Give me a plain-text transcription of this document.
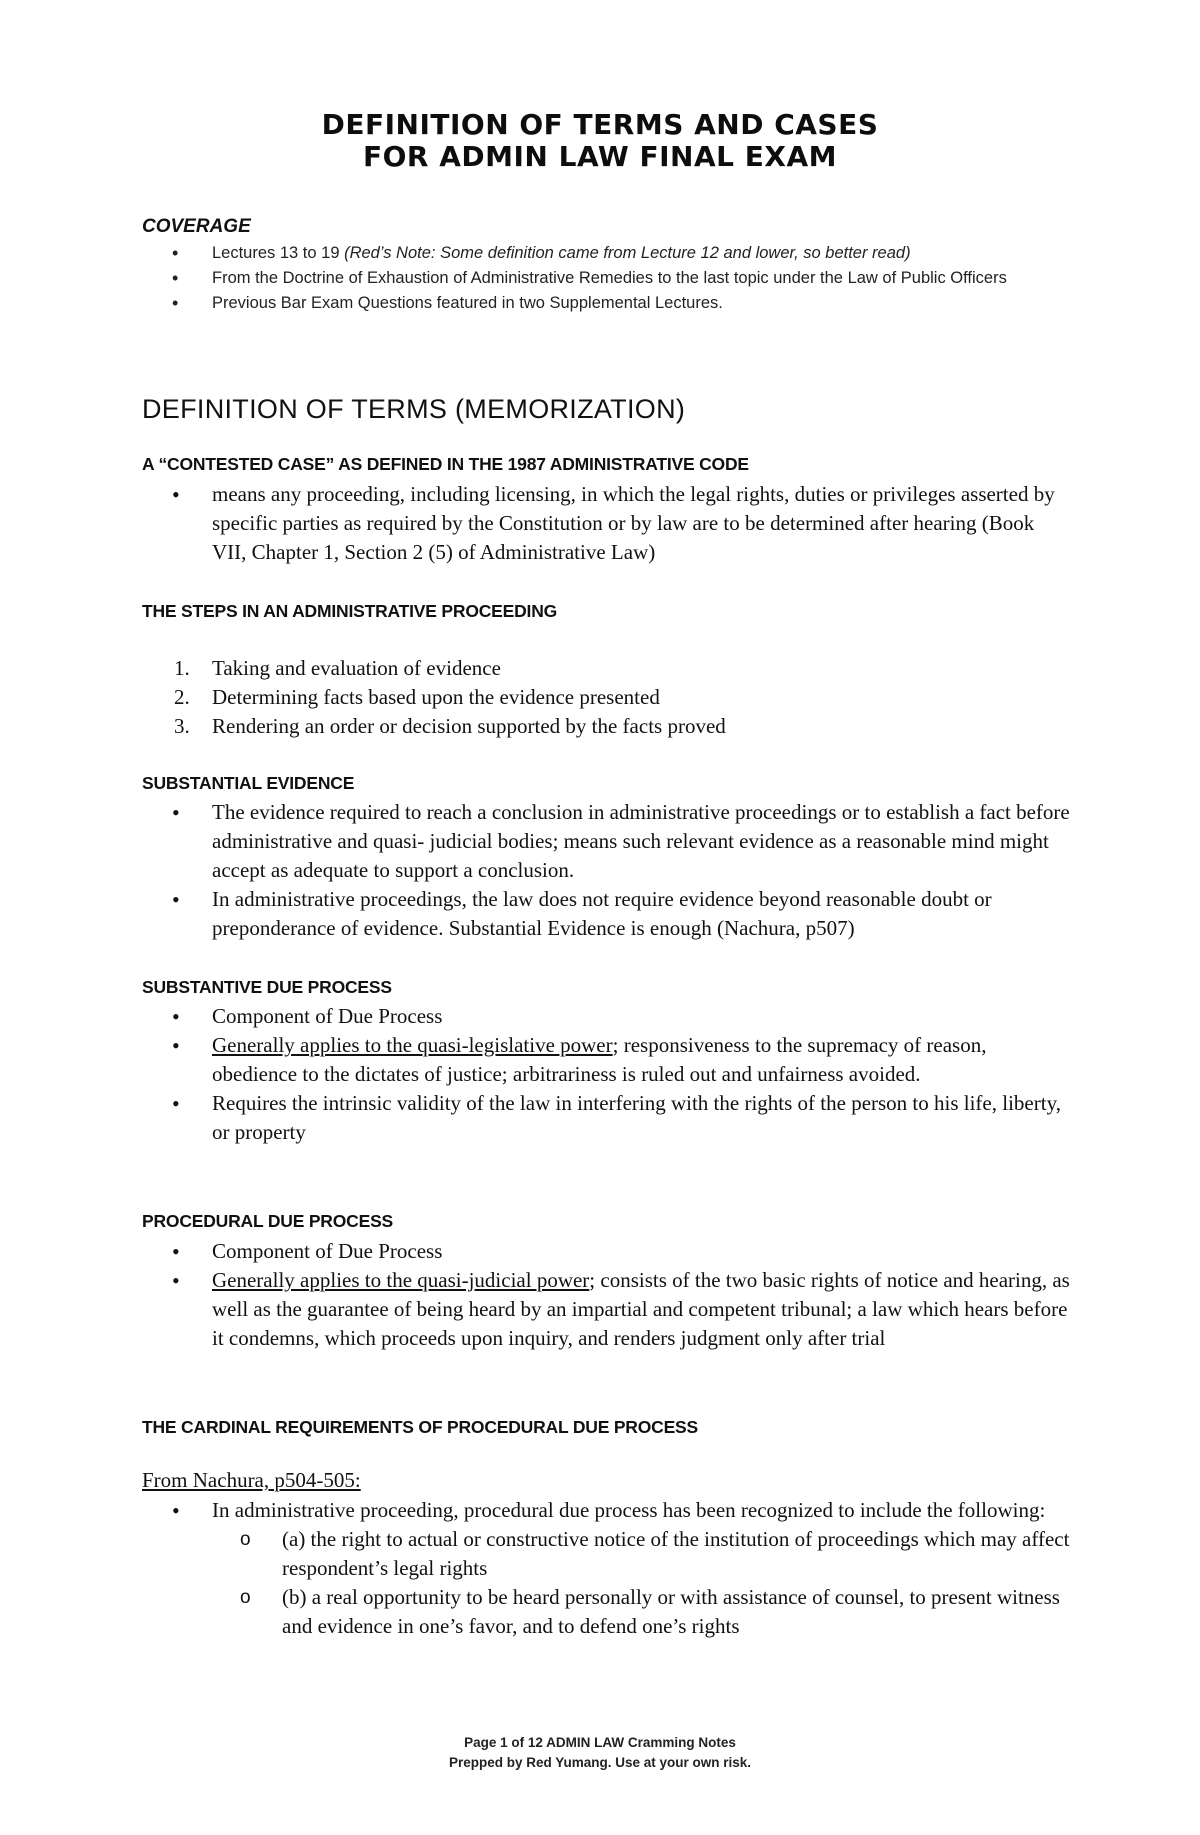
DEFINITION OF TERMS AND CASES
FOR ADMIN LAW FINAL EXAM

COVERAGE

• Lectures 13 to 19 (Red’s Note: Some definition came from Lecture 12 and lower, so better read)
• From the Doctrine of Exhaustion of Administrative Remedies to the last topic under the Law of Public Officers
• Previous Bar Exam Questions featured in two Supplemental Lectures.
DEFINITION OF TERMS (MEMORIZATION)

A “CONTESTED CASE” AS DEFINED IN THE 1987 ADMINISTRATIVE CODE

• means any proceeding, including licensing, in which the legal rights, duties or privileges asserted by specific parties as required by the Constitution or by law are to be determined after hearing (Book VII, Chapter 1, Section 2 (5) of Administrative Law)

THE STEPS IN AN ADMINISTRATIVE PROCEEDING

1. Taking and evaluation of evidence
2. Determining facts based upon the evidence presented
3. Rendering an order or decision supported by the facts proved

SUBSTANTIAL EVIDENCE

• The evidence required to reach a conclusion in administrative proceedings or to establish a fact before administrative and quasi- judicial bodies; means such relevant evidence as a reasonable mind might accept as adequate to support a conclusion.
• In administrative proceedings, the law does not require evidence beyond reasonable doubt or preponderance of evidence. Substantial Evidence is enough (Nachura, p507)

SUBSTANTIVE DUE PROCESS

• Component of Due Process
• Generally applies to the quasi-legislative power; responsiveness to the supremacy of reason, obedience to the dictates of justice; arbitrariness is ruled out and unfairness avoided.
• Requires the intrinsic validity of the law in interfering with the rights of the person to his life, liberty, or property

PROCEDURAL DUE PROCESS

• Component of Due Process
• Generally applies to the quasi-judicial power; consists of the two basic rights of notice and hearing, as well as the guarantee of being heard by an impartial and competent tribunal; a law which hears before it condemns, which proceeds upon inquiry, and renders judgment only after trial

THE CARDINAL REQUIREMENTS OF PROCEDURAL DUE PROCESS

From Nachura, p504-505:

• In administrative proceeding, procedural due process has been recognized to include the following:
o (a) the right to actual or constructive notice of the institution of proceedings which may affect respondent’s legal rights
o (b) a real opportunity to be heard personally or with assistance of counsel, to present witness and evidence in one’s favor, and to defend one’s rights

Page 1 of 12 ADMIN LAW Cramming Notes

Prepped by Red Yumang. Use at your own risk.
